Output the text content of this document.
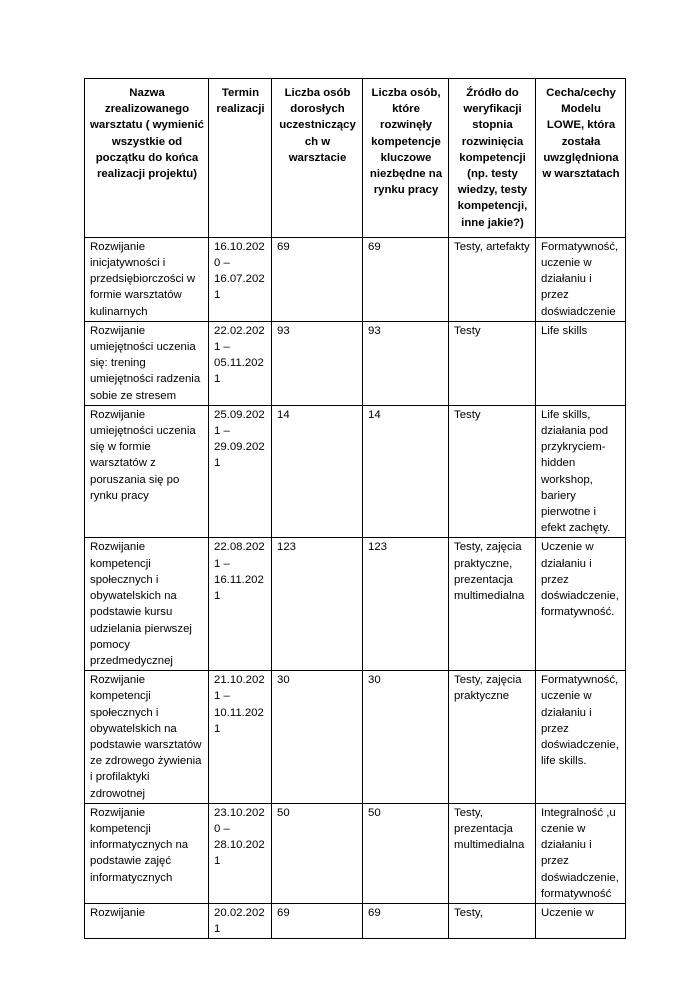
Nazwa zrealizowanego warsztatu ( wymienić wszystkie od początku do końca realizacji projektu)	Termin realizacji	Liczba osób dorosłych uczestniczących w warsztacie	Liczba osób, które rozwinęły kompetencje kluczowe niezbędne na rynku pracy	Źródło do weryfikacji stopnia rozwinięcia kompetencji (np. testy wiedzy, testy kompetencji, inne jakie?)	Cecha/cechy Modelu LOWE, która została uwzględniona w warsztatach
Rozwijanie inicjatywności i przedsiębiorczości w formie warsztatów kulinarnych	16.10.2020 – 16.07.2021	69	69	Testy, artefakty	Formatywność, uczenie w działaniu i przez doświadczenie
Rozwijanie umiejętności uczenia się: trening umiejętności radzenia sobie ze stresem	22.02.2021 – 05.11.2021	93	93	Testy	Life skills
Rozwijanie umiejętności uczenia się w formie warsztatów z poruszania się po rynku pracy	25.09.2021 – 29.09.2021	14	14	Testy	Life skills, działania pod przykryciem- hidden workshop, bariery pierwotne i efekt zachęty.
Rozwijanie kompetencji społecznych i obywatelskich na podstawie kursu udzielania pierwszej pomocy przedmedycznej	22.08.2021 – 16.11.2021	123	123	Testy, zajęcia praktyczne, prezentacja multimedialna	Uczenie w działaniu i przez doświadczenie, formatywność.
Rozwijanie kompetencji społecznych i obywatelskich na podstawie warsztatów ze zdrowego żywienia i profilaktyki zdrowotnej	21.10.2021 – 10.11.2021	30	30	Testy, zajęcia praktyczne	Formatywność, uczenie w działaniu i przez doświadczenie, life skills.
Rozwijanie kompetencji informatycznych na podstawie zajęć informatycznych	23.10.2020 – 28.10.2021	50	50	Testy, prezentacja multimedialna	Integralność ,u czenie w działaniu i przez doświadczenie, formatywność
Rozwijanie	20.02.2021	69	69	Testy,	Uczenie w
